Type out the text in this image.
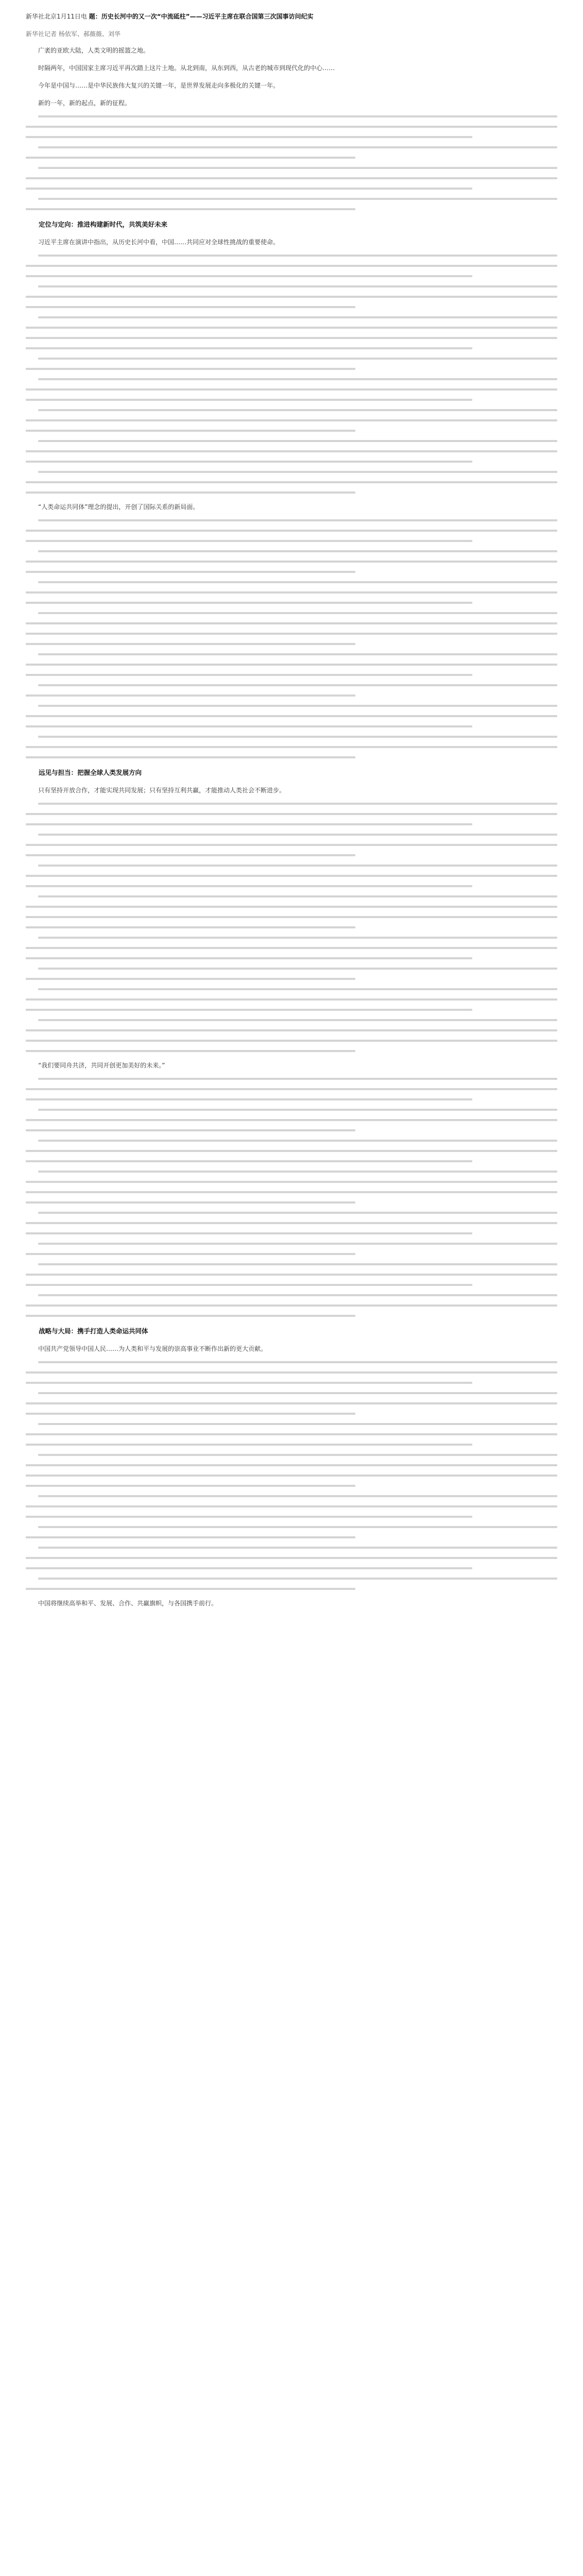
新华社北京1月11日电 题：历史长河中的又一次“中流砥柱”——习近平主席在联合国第三次国事访问纪实

新华社记者 杨依军、郝薇薇、刘华

广袤的亚欧大陆，人类文明的摇篮之地。

时隔两年，中国国家主席习近平再次踏上这片土地。从北到南，从东到西，从古老的城市到现代化的中心……

今年是中国与……是中华民族伟大复兴的关键一年，是世界发展走向多极化的关键一年。

新的一年，新的起点，新的征程。

定位与定向：推进构建新时代，共筑美好未来

习近平主席在演讲中指出，从历史长河中看，中国……共同应对全球性挑战的重要使命。

“人类命运共同体”理念的提出，开创了国际关系的新局面。

远见与担当：把握全球人类发展方向

只有坚持开放合作，才能实现共同发展；只有坚持互利共赢，才能推动人类社会不断进步。

“我们要同舟共济，共同开创更加美好的未来。”

战略与大局：携手打造人类命运共同体

中国共产党领导中国人民……为人类和平与发展的崇高事业不断作出新的更大贡献。

中国将继续高举和平、发展、合作、共赢旗帜，与各国携手前行。
